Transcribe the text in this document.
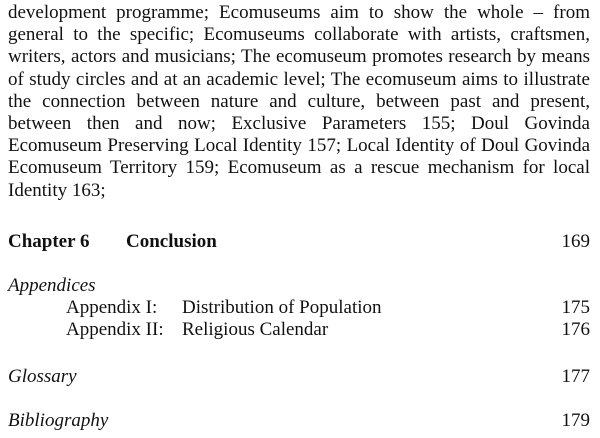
development programme; Ecomuseums aim to show the whole – from general to the specific; Ecomuseums collaborate with artists, craftsmen, writers, actors and musicians; The ecomuseum promotes research by means of study circles and at an academic level; The ecomuseum aims to illustrate the connection between nature and culture, between past and present, between then and now; Exclusive Parameters 155; Doul Govinda Ecomuseum Preserving Local Identity 157; Local Identity of Doul Govinda Ecomuseum Territory 159; Ecomuseum as a rescue mechanism for local Identity 163;

Chapter 6 Conclusion	169
Appendices
Appendix I: Distribution of Population	175
Appendix II: Religious Calendar	176
Glossary	177
Bibliography	179
